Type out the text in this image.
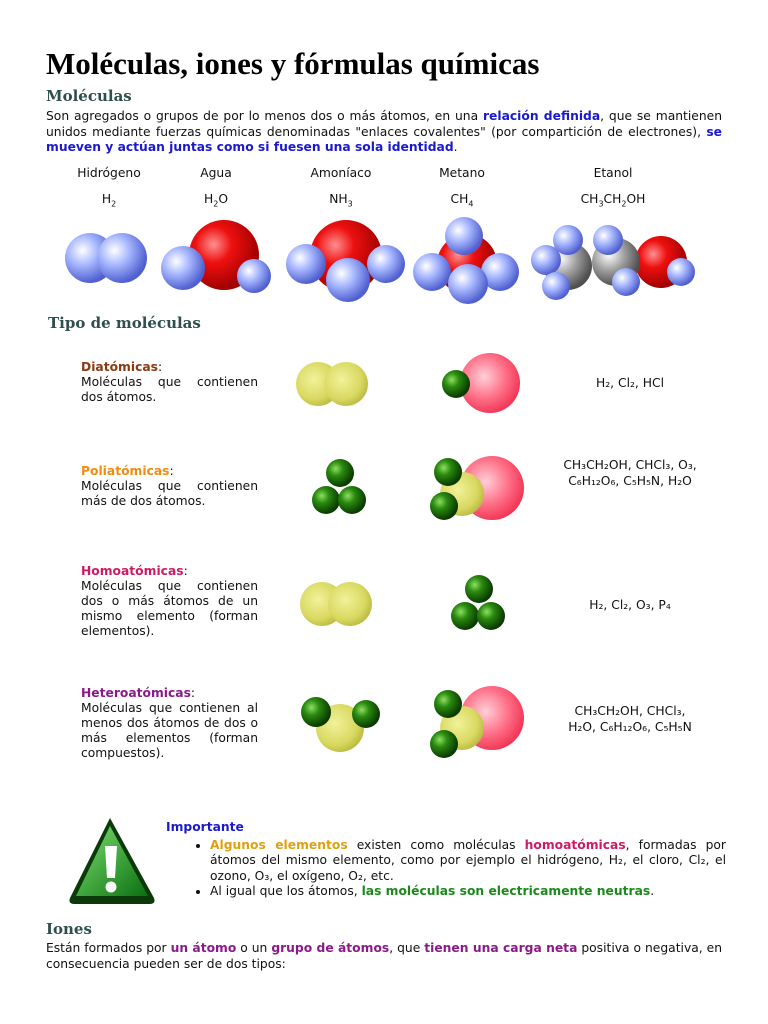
Moléculas, iones y fórmulas químicas
Moléculas

Son agregados o grupos de por lo menos dos o más átomos, en una relación definida, que se mantienen unidos mediante fuerzas químicas denominadas "enlaces covalentes" (por compartición de electrones), se mueven y actúan juntas como si fuesen una sola identidad.

Hidrógeno	Agua	Amoníaco	Metano	Etanol
$H_2$	$H_2O$	$NH_3$	$CH_4$	$CH_3CH_2OH$
Tipo de moléculas
Diatómicas:
Moléculas que contienen dos átomos.
H₂, Cl₂, HCl
Poliatómicas:
Moléculas que contienen más de dos átomos.
CH₃CH₂OH, CHCl₃, O₃, C₆H₁₂O₆, C₅H₅N, H₂O
Homoatómicas:
Moléculas que contienen dos o más átomos de un mismo elemento (forman elementos).
H₂, Cl₂, O₃, P₄
Heteroatómicas:
Moléculas que contienen al menos dos átomos de dos o más elementos (forman compuestos).
CH₃CH₂OH, CHCl₃, H₂O, C₆H₁₂O₆, C₅H₅N
Importante
• Algunos elementos existen como moléculas homoatómicas, formadas por átomos del mismo elemento, como por ejemplo el hidrógeno, H₂, el cloro, Cl₂, el ozono, O₃, el oxígeno, O₂, etc.
• Al igual que los átomos, las moléculas son electricamente neutras.
Iones

Están formados por un átomo o un grupo de átomos, que tienen una carga neta positiva o negativa, en consecuencia pueden ser de dos tipos:
